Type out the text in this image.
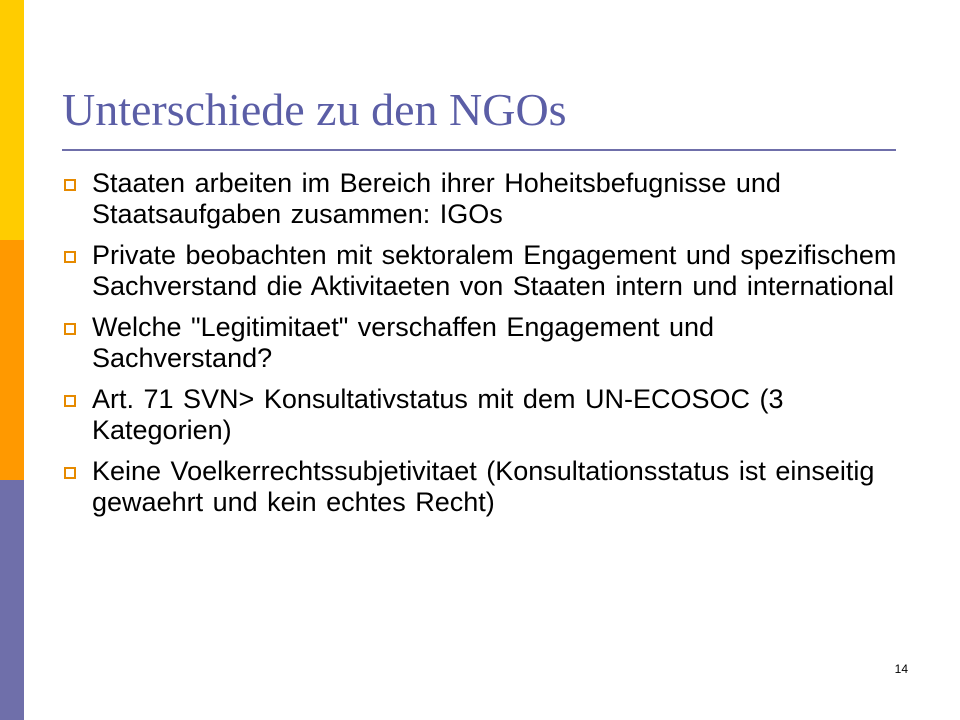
Unterschiede zu den NGOs
Staaten arbeiten im Bereich ihrer Hoheitsbefugnisse und Staatsaufgaben zusammen: IGOs
Private beobachten mit sektoralem Engagement und spezifischem Sachverstand die Aktivitaeten von Staaten intern und international
Welche "Legitimitaet" verschaffen Engagement und Sachverstand?
Art. 71 SVN> Konsultativstatus mit dem UN-ECOSOC (3 Kategorien)
Keine Voelkerrechtssubjetivitaet (Konsultationsstatus ist einseitig gewaehrt und kein echtes Recht)
14
